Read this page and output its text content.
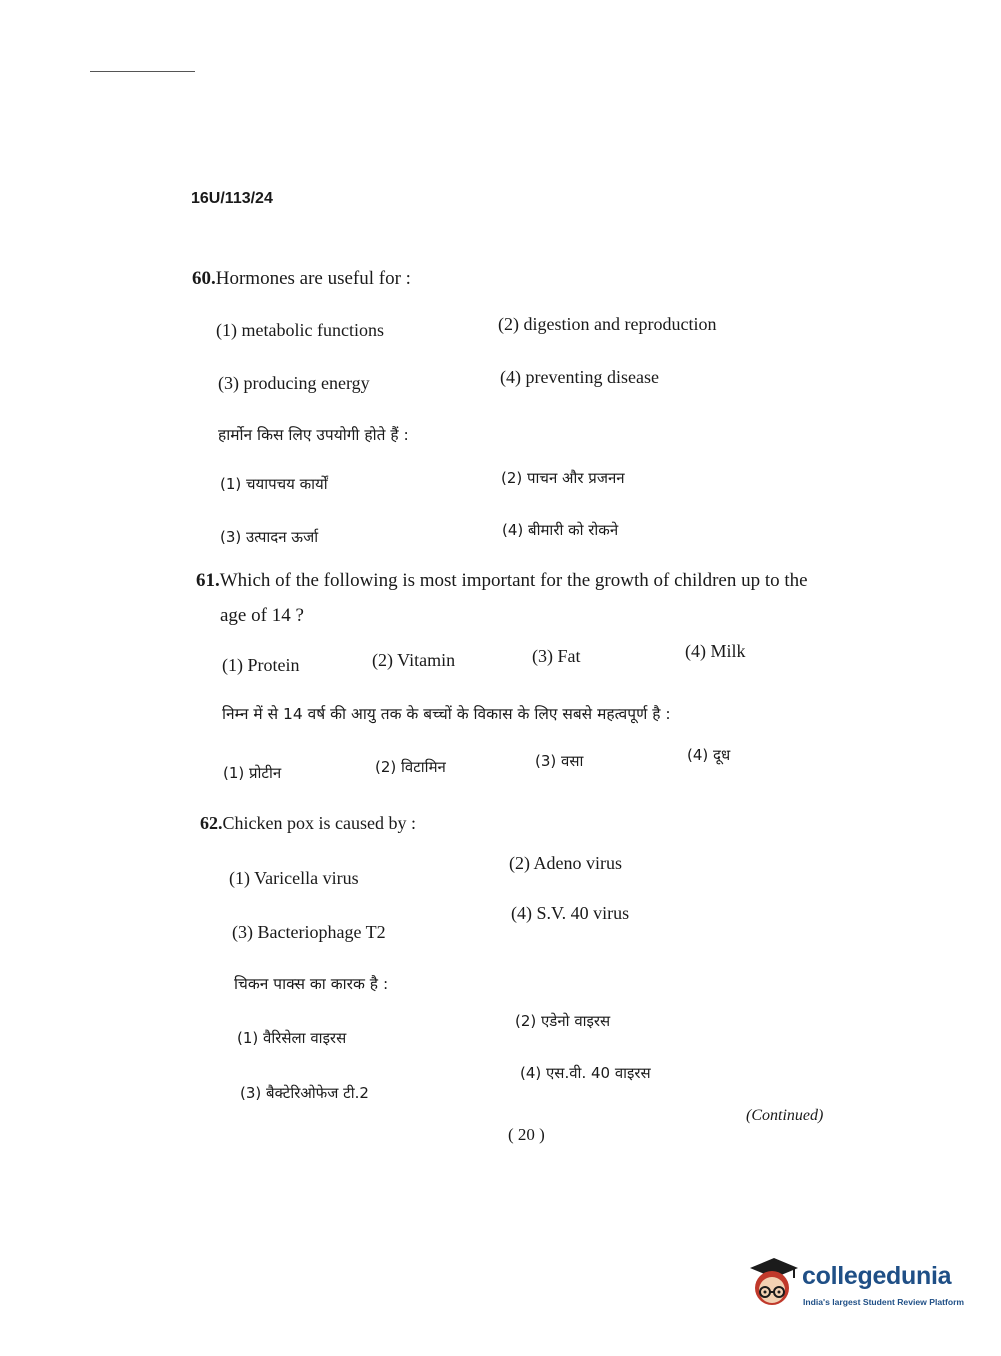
16U/113/24
60.Hormones are useful for :
(1) metabolic functions	(2) digestion and reproduction
(3) producing energy	(4) preventing disease
हार्मोन किस लिए उपयोगी होते हैं :
(1) चयापचय कार्यों	(2) पाचन और प्रजनन
(3) उत्पादन ऊर्जा	(4) बीमारी को रोकने
61.Which of the following is most important for the growth of children up to the
age of 14 ?
(1) Protein	(2) Vitamin	(3) Fat	(4) Milk
निम्न में से 14 वर्ष की आयु तक के बच्चों के विकास के लिए सबसे महत्वपूर्ण है :
(1) प्रोटीन	(2) विटामिन	(3) वसा	(4) दूध
62.Chicken pox is caused by :
(1) Varicella virus
(2) Adeno virus
(3) Bacteriophage T2
(4) S.V. 40 virus
चिकन पाक्स का कारक है :
(1) वैरिसेला वाइरस
(2) एडेनो वाइरस
(3) बैक्टेरिओफेज टी.2
(4) एस.वी. 40 वाइरस
(Continued)
( 20 )
collegedunia
India's largest Student Review Platform
